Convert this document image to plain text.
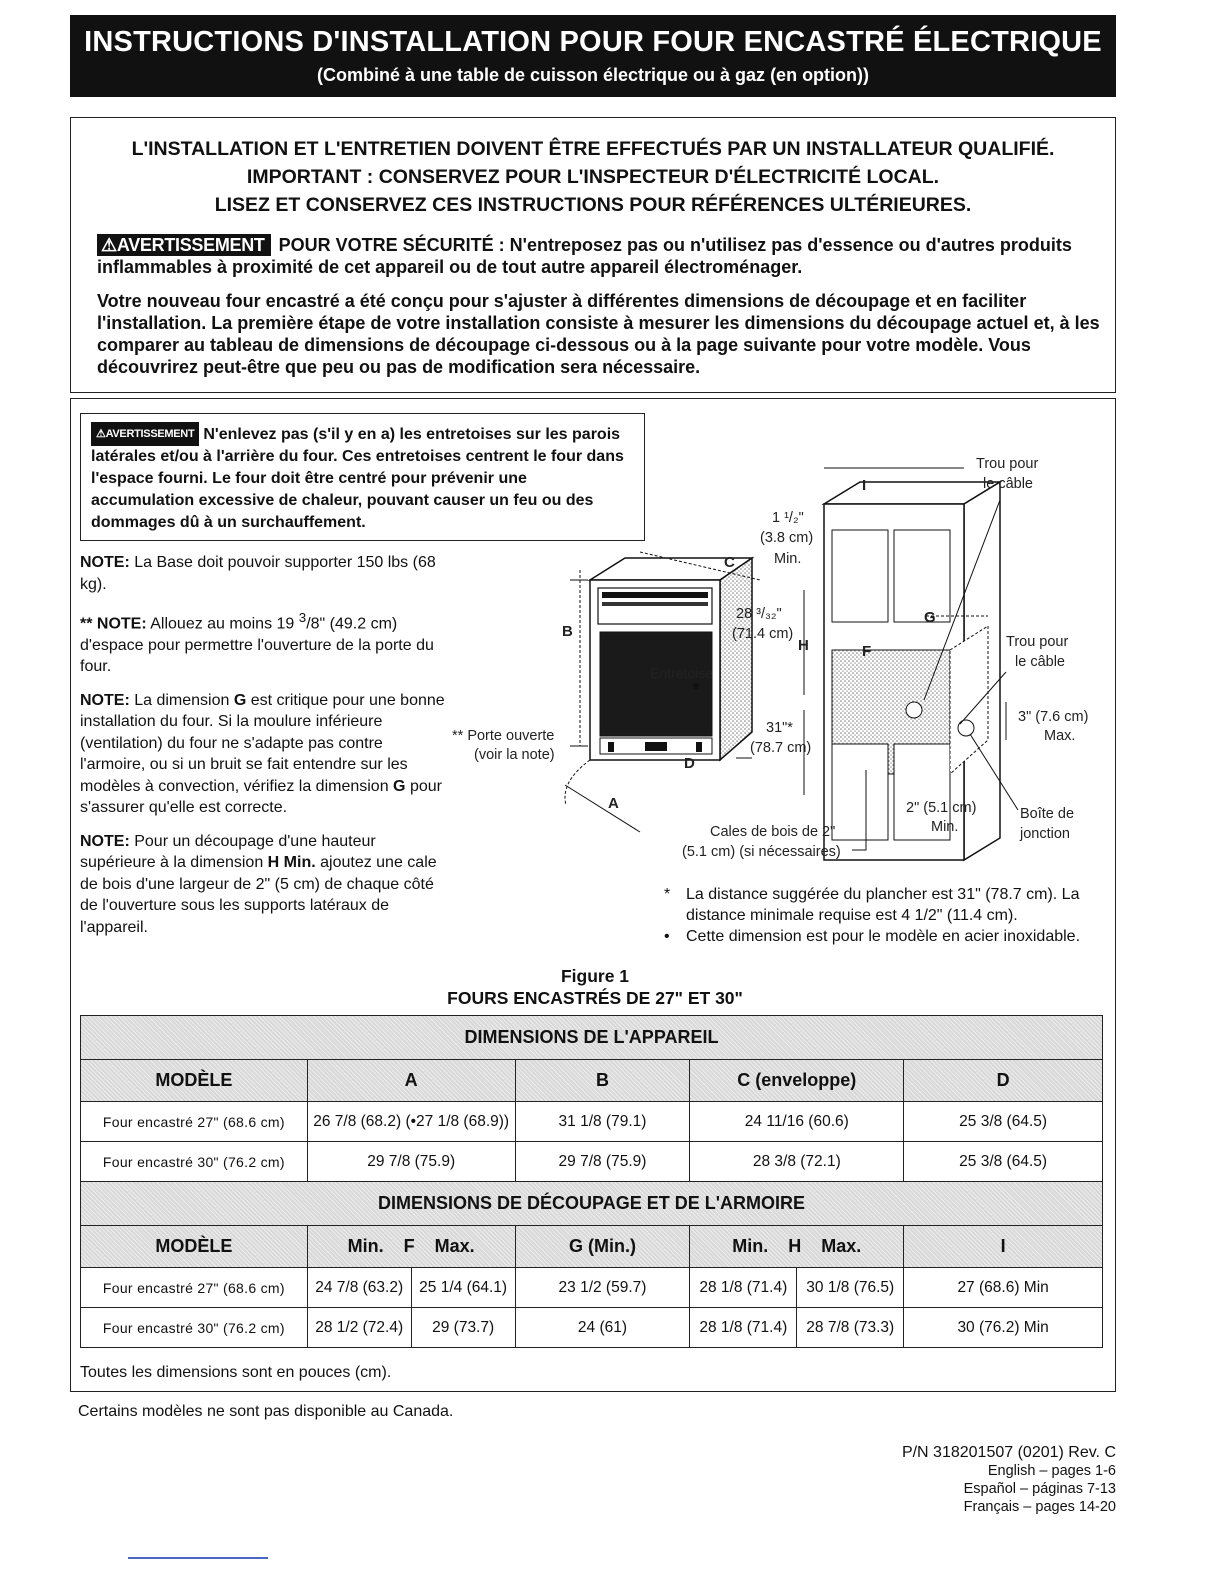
INSTRUCTIONS D'INSTALLATION POUR FOUR ENCASTRÉ ÉLECTRIQUE
(Combiné à une table de cuisson électrique ou à gaz (en option))
L'INSTALLATION ET L'ENTRETIEN DOIVENT ÊTRE EFFECTUÉS PAR UN INSTALLATEUR QUALIFIÉ.
IMPORTANT : CONSERVEZ POUR L'INSPECTEUR D'ÉLECTRICITÉ LOCAL.
LISEZ ET CONSERVEZ CES INSTRUCTIONS POUR RÉFÉRENCES ULTÉRIEURES.
⚠AVERTISSEMENT POUR VOTRE SÉCURITÉ : N'entreposez pas ou n'utilisez pas d'essence ou d'autres produits inflammables à proximité de cet appareil ou de tout autre appareil électroménager.
Votre nouveau four encastré a été conçu pour s'ajuster à différentes dimensions de découpage et en faciliter l'installation. La première étape de votre installation consiste à mesurer les dimensions du découpage actuel et, à les comparer au tableau de dimensions de découpage ci-dessous ou à la page suivante pour votre modèle. Vous découvrirez peut-être que peu ou pas de modification sera nécessaire.
⚠AVERTISSEMENT N'enlevez pas (s'il y en a) les entretoises sur les parois latérales et/ou à l'arrière du four. Ces entretoises centrent le four dans l'espace fourni. Le four doit être centré pour prévenir une accumulation excessive de chaleur, pouvant causer un feu ou des dommages dû à un surchauffement.

NOTE: La Base doit pouvoir supporter 150 lbs (68 kg).

** NOTE: Allouez au moins 19 $^3$/8" (49.2 cm) d'espace pour permettre l'ouverture de la porte du four.

NOTE: La dimension G est critique pour une bonne installation du four. Si la moulure inférieure (ventilation) du four ne s'adapte pas contre l'armoire, ou si un bruit se fait entendre sur les modèles à convection, vérifiez la dimension G pour s'assurer qu'elle est correcte.

NOTE: Pour un découpage d'une hauteur supérieure à la dimension H Min. ajoutez une cale de bois d'une largeur de 2" (5 cm) de chaque côté de l'ouverture sous les supports latéraux de l'appareil.

B
A
D
C
Entretoise
** Porte ouverte
(voir la note)
1 ¹/₂"
(3.8 cm)
Min.
28 ³/₃₂"
(71.4 cm)
H
31"*
(78.7 cm)
I
F
G
Trou pour
le câble
Trou pour
le câble
3" (7.6 cm)
Max.
Boîte de
jonction
2" (5.1 cm)
Min.
Cales de bois de 2"
(5.1 cm) (si nécessaires)
* La distance suggérée du plancher est 31" (78.7 cm). La distance minimale requise est 4 1/2" (11.4 cm).
•	Cette dimension est pour le modèle en acier inoxidable.
Figure 1
FOURS ENCASTRÉS DE 27" ET 30"
DIMENSIONS DE L'APPAREIL						
MODÈLE	A		B	C (enveloppe)		D
Four encastré 27" (68.6 cm)	26 7/8 (68.2) (•27 1/8 (68.9))		31 1/8 (79.1)	24 11/16 (60.6)		25 3/8 (64.5)
Four encastré 30" (76.2 cm)	29 7/8 (75.9)		29 7/8 (75.9)	28 3/8 (72.1)		25 3/8 (64.5)
DIMENSIONS DE DÉCOUPAGE ET DE L'ARMOIRE						
MODÈLE	Min.    F    Max.		G (Min.)	Min.    H    Max.		I
Four encastré 27" (68.6 cm)	24 7/8 (63.2)	25 1/4 (64.1)	23 1/2 (59.7)	28 1/8 (71.4)	30 1/8 (76.5)	27 (68.6) Min
Four encastré 30" (76.2 cm)	28 1/2 (72.4)	29 (73.7)	24 (61)	28 1/8 (71.4)	28 7/8 (73.3)	30 (76.2) Min
Toutes les dimensions sont en pouces (cm).
Certains modèles ne sont pas disponible au Canada.
P/N 318201507 (0201) Rev. C
English – pages 1-6
Español – páginas 7-13
Français – pages 14-20
